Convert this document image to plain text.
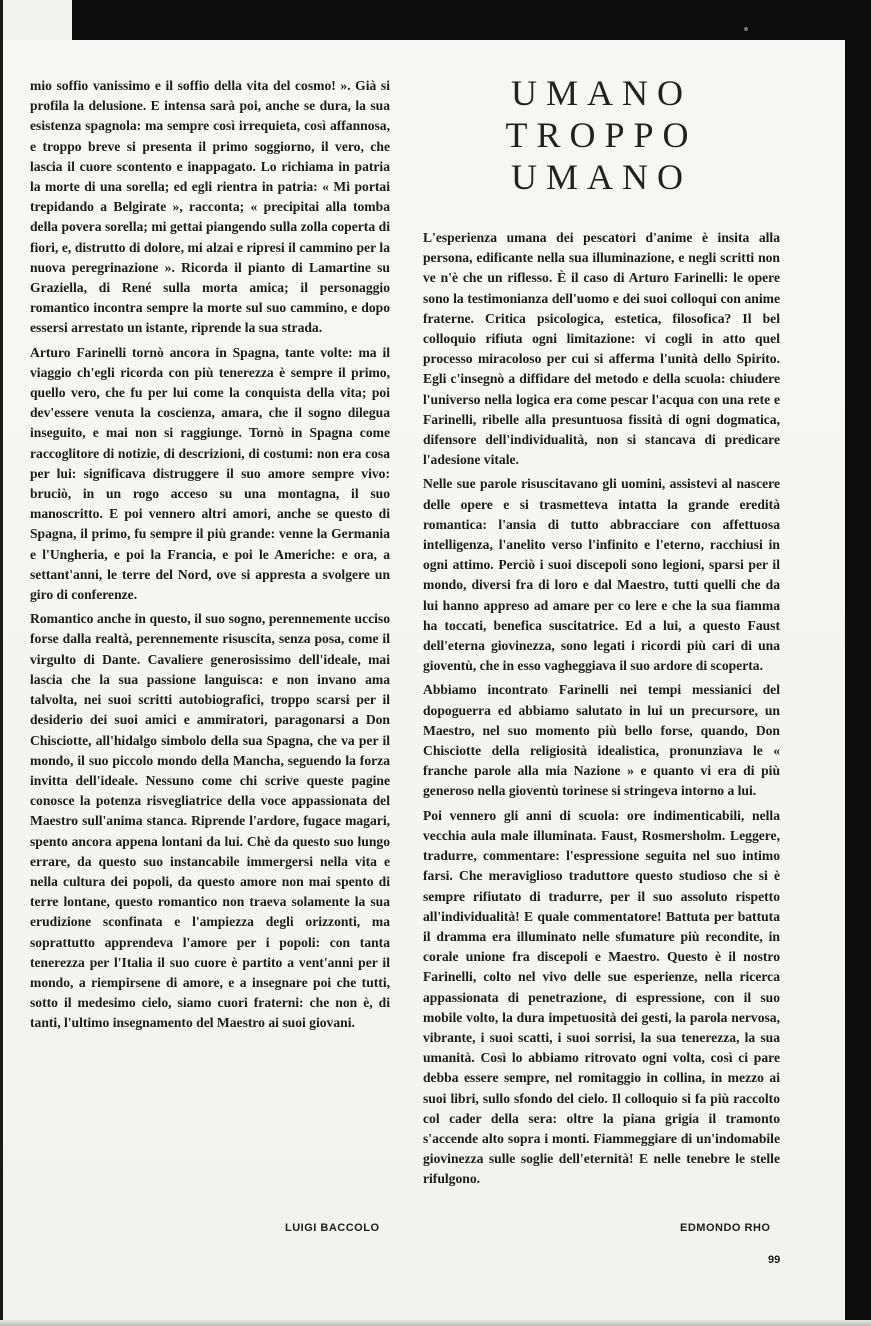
mio soffio vanissimo e il soffio della vita del cosmo! ». Già si profila la delusione. E intensa sarà poi, anche se dura, la sua esistenza spagnola: ma sempre così irrequieta, così affannosa, e troppo breve si presenta il primo soggiorno, il vero, che lascia il cuore scontento e inappagato. Lo richiama in patria la morte di una sorella; ed egli rientra in patria: « Mi portai trepidando a Belgirate », racconta; « precipitai alla tomba della povera sorella; mi gettai piangendo sulla zolla coperta di fiori, e, distrutto di dolore, mi alzai e ripresi il cammino per la nuova peregrinazione ». Ricorda il pianto di Lamartine su Graziella, di René sulla morta amica; il personaggio romantico incontra sempre la morte sul suo cammino, e dopo essersi arrestato un istante, riprende la sua strada.

Arturo Farinelli tornò ancora in Spagna, tante volte: ma il viaggio ch'egli ricorda con più tenerezza è sempre il primo, quello vero, che fu per lui come la conquista della vita; poi dev'essere venuta la coscienza, amara, che il sogno dilegua inseguito, e mai non si raggiunge. Tornò in Spagna come raccoglitore di notizie, di descrizioni, di costumi: non era cosa per lui: significava distruggere il suo amore sempre vivo: bruciò, in un rogo acceso su una montagna, il suo manoscritto. E poi vennero altri amori, anche se questo di Spagna, il primo, fu sempre il più grande: venne la Germania e l'Ungheria, e poi la Francia, e poi le Americhe: e ora, a settant'anni, le terre del Nord, ove si appresta a svolgere un giro di conferenze.

Romantico anche in questo, il suo sogno, perennemente ucciso forse dalla realtà, perennemente risuscita, senza posa, come il virgulto di Dante. Cavaliere generosissimo dell'ideale, mai lascia che la sua passione languisca: e non invano ama talvolta, nei suoi scritti autobiografici, troppo scarsi per il desiderio dei suoi amici e ammiratori, paragonarsi a Don Chisciotte, all'hidalgo simbolo della sua Spagna, che va per il mondo, il suo piccolo mondo della Mancha, seguendo la forza invitta dell'ideale. Nessuno come chi scrive queste pagine conosce la potenza risvegliatrice della voce appassionata del Maestro sull'anima stanca. Riprende l'ardore, fugace magari, spento ancora appena lontani da lui. Chè da questo suo lungo errare, da questo suo instancabile immergersi nella vita e nella cultura dei popoli, da questo amore non mai spento di terre lontane, questo romantico non traeva solamente la sua erudizione sconfinata e l'ampiezza degli orizzonti, ma soprattutto apprendeva l'amore per i popoli: con tanta tenerezza per l'Italia il suo cuore è partito a vent'anni per il mondo, a riempirsene di amore, e a insegnare poi che tutti, sotto il medesimo cielo, siamo cuori fraterni: che non è, di tanti, l'ultimo insegnamento del Maestro ai suoi giovani.

UMANO TROPPO
UMANO

L'esperienza umana dei pescatori d'anime è insita alla persona, edificante nella sua illuminazione, e negli scritti non ve n'è che un riflesso. È il caso di Arturo Farinelli: le opere sono la testimonianza dell'uomo e dei suoi colloqui con anime fraterne. Critica psicologica, estetica, filosofica? Il bel colloquio rifiuta ogni limitazione: vi cogli in atto quel processo miracoloso per cui si afferma l'unità dello Spirito. Egli c'insegnò a diffidare del metodo e della scuola: chiudere l'universo nella logica era come pescar l'acqua con una rete e Farinelli, ribelle alla presuntuosa fissità di ogni dogmatica, difensore dell'individualità, non si stancava di predicare l'adesione vitale.

Nelle sue parole risuscitavano gli uomini, assistevi al nascere delle opere e si trasmetteva intatta la grande eredità romantica: l'ansia di tutto abbracciare con affettuosa intelligenza, l'anelito verso l'infinito e l'eterno, racchiusi in ogni attimo. Perciò i suoi discepoli sono legioni, sparsi per il mondo, diversi fra di loro e dal Maestro, tutti quelli che da lui hanno appreso ad amare per co lere e che la sua fiamma ha toccati, benefica suscitatrice. Ed a lui, a questo Faust dell'eterna giovinezza, sono legati i ricordi più cari di una gioventù, che in esso vagheggiava il suo ardore di scoperta.

Abbiamo incontrato Farinelli nei tempi messianici del dopoguerra ed abbiamo salutato in lui un precursore, un Maestro, nel suo momento più bello forse, quando, Don Chisciotte della religiosità idealistica, pronunziava le « franche parole alla mia Nazione » e quanto vi era di più generoso nella gioventù torinese si stringeva intorno a lui.

Poi vennero gli anni di scuola: ore indimenticabili, nella vecchia aula male illuminata. Faust, Rosmersholm. Leggere, tradurre, commentare: l'espressione seguita nel suo intimo farsi. Che meraviglioso traduttore questo studioso che si è sempre rifiutato di tradurre, per il suo assoluto rispetto all'individualità! E quale commentatore! Battuta per battuta il dramma era illuminato nelle sfumature più recondite, in corale unione fra discepoli e Maestro. Questo è il nostro Farinelli, colto nel vivo delle sue esperienze, nella ricerca appassionata di penetrazione, di espressione, con il suo mobile volto, la dura impetuosità dei gesti, la parola nervosa, vibrante, i suoi scatti, i suoi sorrisi, la sua tenerezza, la sua umanità. Così lo abbiamo ritrovato ogni volta, così ci pare debba essere sempre, nel romitaggio in collina, in mezzo ai suoi libri, sullo sfondo del cielo. Il colloquio si fa più raccolto col cader della sera: oltre la piana grigia il tramonto s'accende alto sopra i monti. Fiammeggiare di un'indomabile giovinezza sulle soglie dell'eternità! E nelle tenebre le stelle rifulgono.

LUIGI BACCOLO	EDMONDO RHO
99
